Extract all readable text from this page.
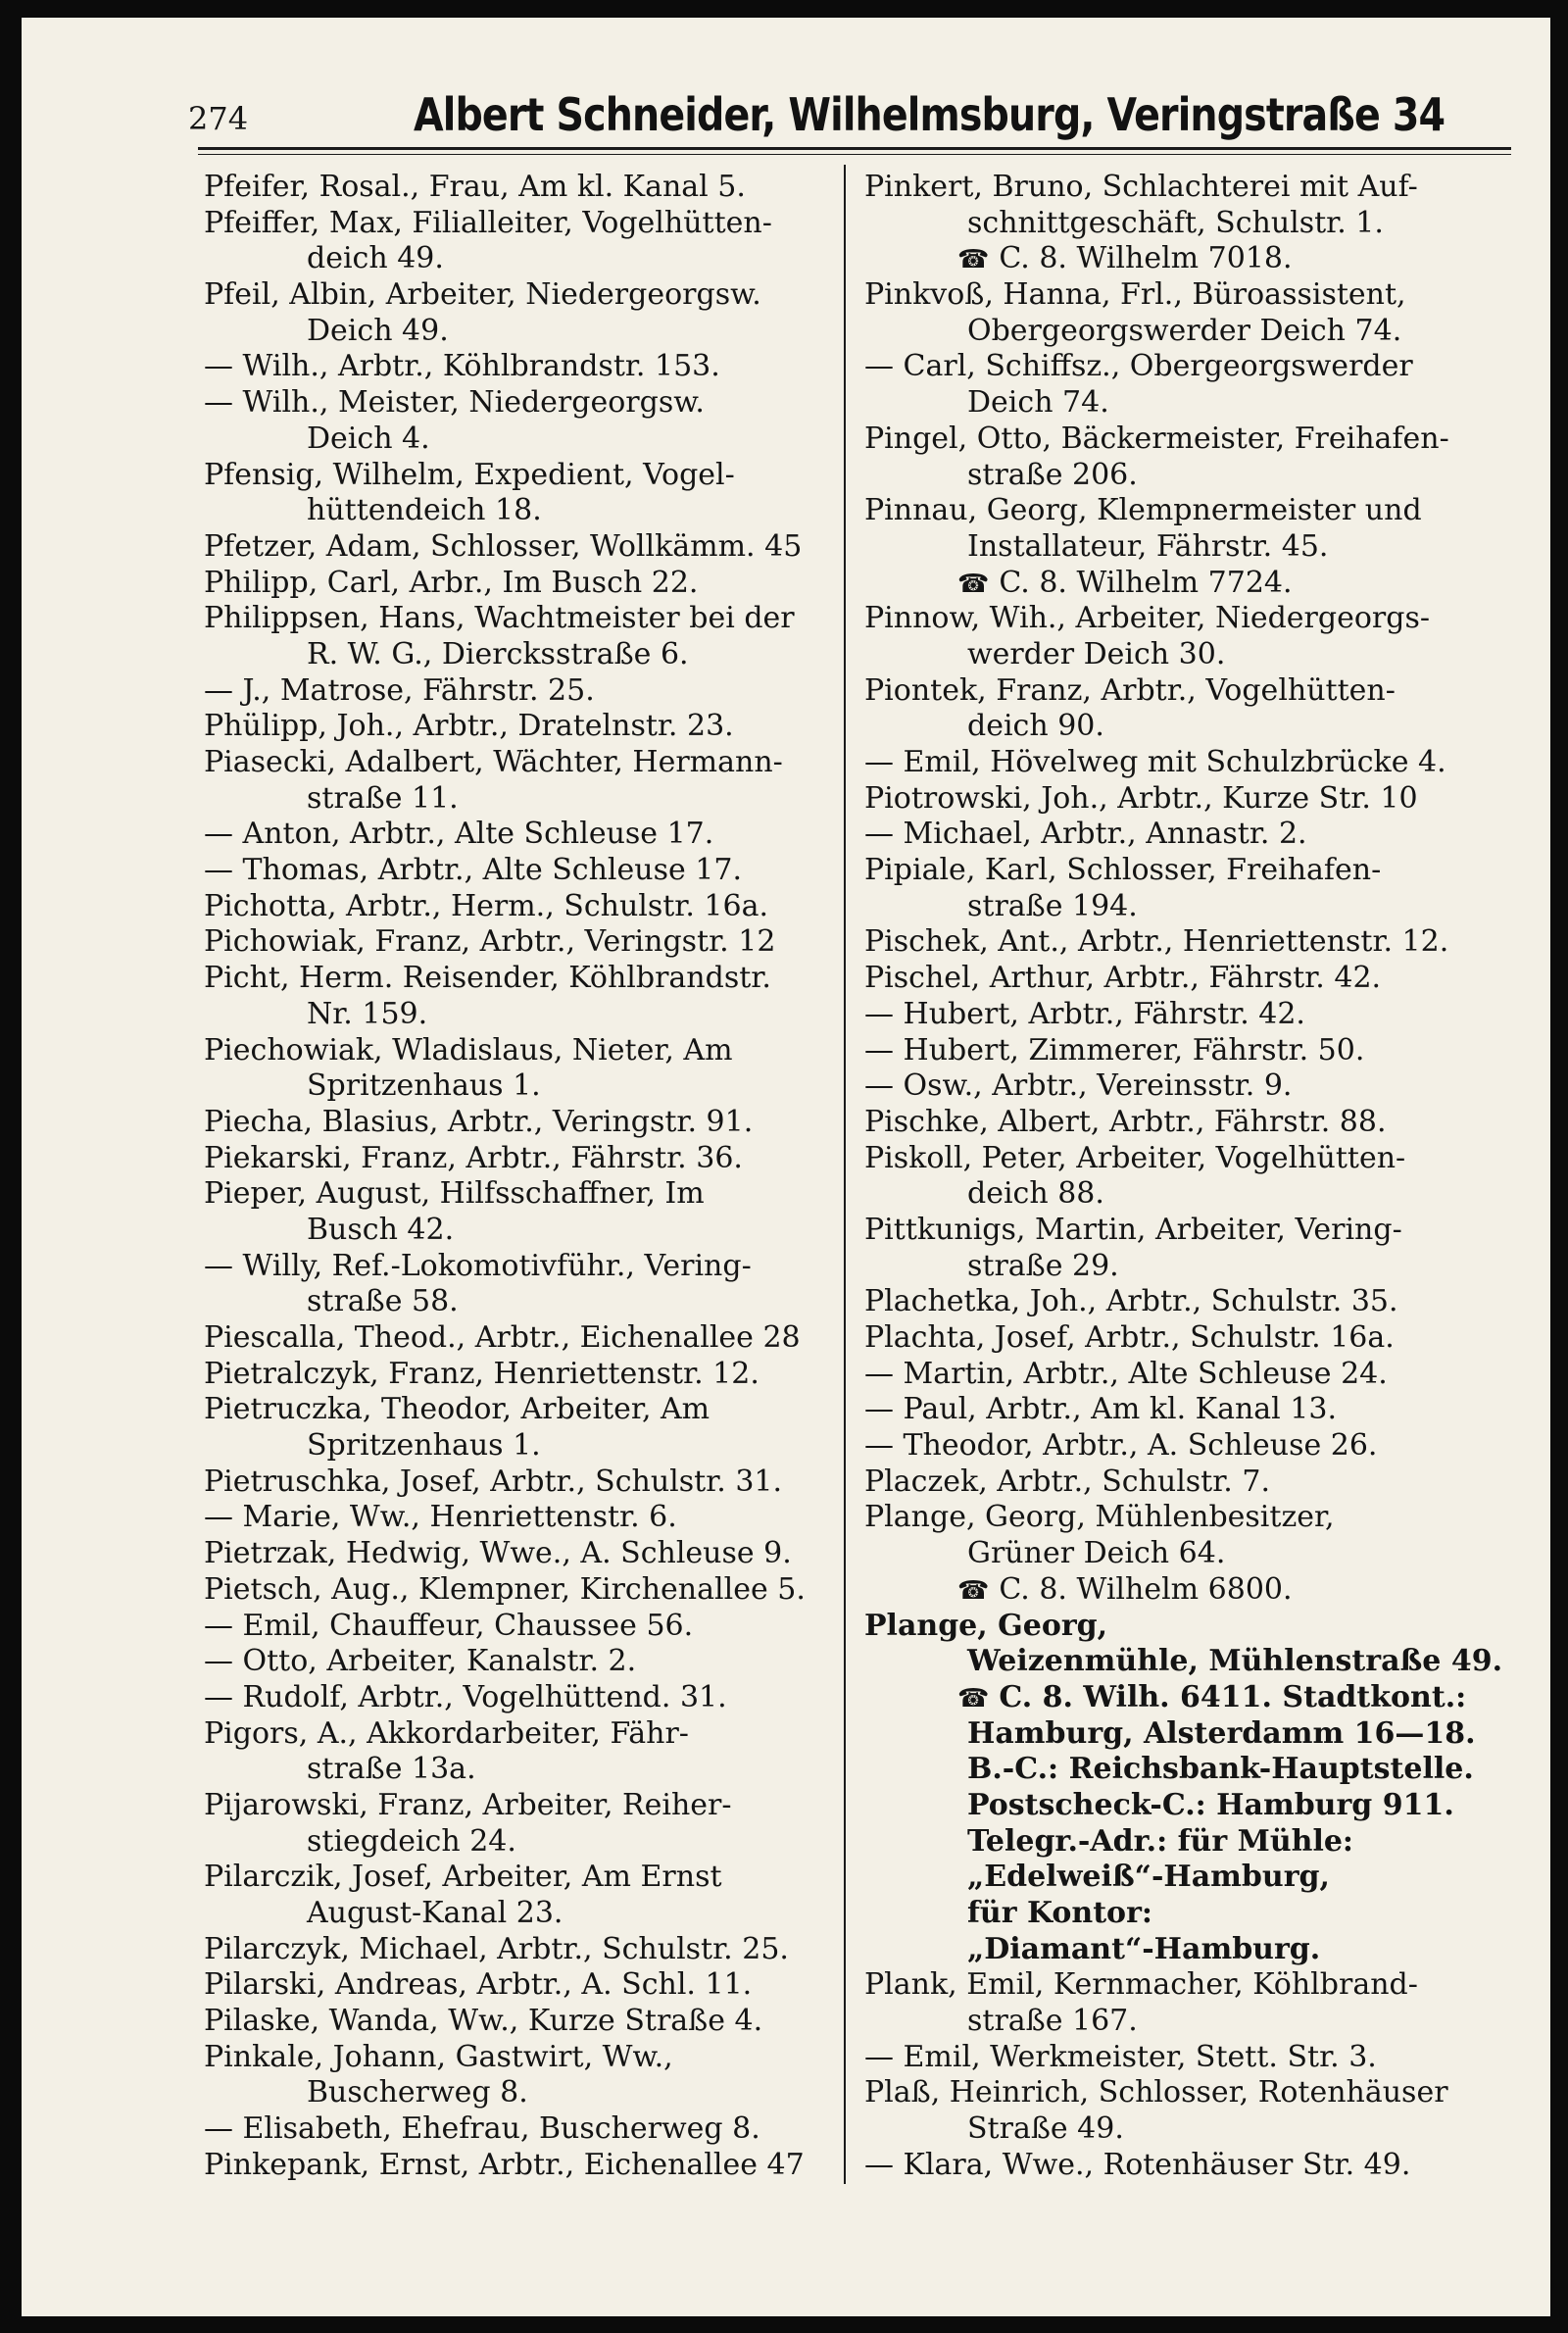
274	Albert Schneider, Wilhelmsburg, Veringstraße 34
Pfeifer, Rosal., Frau, Am kl. Kanal 5.
Pfeiffer, Max, Filialleiter, Vogelhütten-
deich 49.
Pfeil, Albin, Arbeiter, Niedergeorgsw.
Deich 49.
— Wilh., Arbtr., Köhlbrandstr. 153.
— Wilh., Meister, Niedergeorgsw.
Deich 4.
Pfensig, Wilhelm, Expedient, Vogel-
hüttendeich 18.
Pfetzer, Adam, Schlosser, Wollkämm. 45
Philipp, Carl, Arbr., Im Busch 22.
Philippsen, Hans, Wachtmeister bei der
R. W. G., Diercksstraße 6.
— J., Matrose, Fährstr. 25.
Phülipp, Joh., Arbtr., Dratelnstr. 23.
Piasecki, Adalbert, Wächter, Hermann-
straße 11.
— Anton, Arbtr., Alte Schleuse 17.
— Thomas, Arbtr., Alte Schleuse 17.
Pichotta, Arbtr., Herm., Schulstr. 16a.
Pichowiak, Franz, Arbtr., Veringstr. 12
Picht, Herm. Reisender, Köhlbrandstr.
Nr. 159.
Piechowiak, Wladislaus, Nieter, Am
Spritzenhaus 1.
Piecha, Blasius, Arbtr., Veringstr. 91.
Piekarski, Franz, Arbtr., Fährstr. 36.
Pieper, August, Hilfsschaffner, Im
Busch 42.
— Willy, Ref.-Lokomotivführ., Vering-
straße 58.
Piescalla, Theod., Arbtr., Eichenallee 28
Pietralczyk, Franz, Henriettenstr. 12.
Pietruczka, Theodor, Arbeiter, Am
Spritzenhaus 1.
Pietruschka, Josef, Arbtr., Schulstr. 31.
— Marie, Ww., Henriettenstr. 6.
Pietrzak, Hedwig, Wwe., A. Schleuse 9.
Pietsch, Aug., Klempner, Kirchenallee 5.
— Emil, Chauffeur, Chaussee 56.
— Otto, Arbeiter, Kanalstr. 2.
— Rudolf, Arbtr., Vogelhüttend. 31.
Pigors, A., Akkordarbeiter, Fähr-
straße 13a.
Pijarowski, Franz, Arbeiter, Reiher-
stiegdeich 24.
Pilarczik, Josef, Arbeiter, Am Ernst
August-Kanal 23.
Pilarczyk, Michael, Arbtr., Schulstr. 25.
Pilarski, Andreas, Arbtr., A. Schl. 11.
Pilaske, Wanda, Ww., Kurze Straße 4.
Pinkale, Johann, Gastwirt, Ww.,
Buscherweg 8.
— Elisabeth, Ehefrau, Buscherweg 8.
Pinkepank, Ernst, Arbtr., Eichenallee 47
Pinkert, Bruno, Schlachterei mit Auf-
schnittgeschäft, Schulstr. 1.
☎ C. 8. Wilhelm 7018.
Pinkvoß, Hanna, Frl., Büroassistent,
Obergeorgswerder Deich 74.
— Carl, Schiffsz., Obergeorgswerder
Deich 74.
Pingel, Otto, Bäckermeister, Freihafen-
straße 206.
Pinnau, Georg, Klempnermeister und
Installateur, Fährstr. 45.
☎ C. 8. Wilhelm 7724.
Pinnow, Wih., Arbeiter, Niedergeorgs-
werder Deich 30.
Piontek, Franz, Arbtr., Vogelhütten-
deich 90.
— Emil, Hövelweg mit Schulzbrücke 4.
Piotrowski, Joh., Arbtr., Kurze Str. 10
— Michael, Arbtr., Annastr. 2.
Pipiale, Karl, Schlosser, Freihafen-
straße 194.
Pischek, Ant., Arbtr., Henriettenstr. 12.
Pischel, Arthur, Arbtr., Fährstr. 42.
— Hubert, Arbtr., Fährstr. 42.
— Hubert, Zimmerer, Fährstr. 50.
— Osw., Arbtr., Vereinsstr. 9.
Pischke, Albert, Arbtr., Fährstr. 88.
Piskoll, Peter, Arbeiter, Vogelhütten-
deich 88.
Pittkunigs, Martin, Arbeiter, Vering-
straße 29.
Plachetka, Joh., Arbtr., Schulstr. 35.
Plachta, Josef, Arbtr., Schulstr. 16a.
— Martin, Arbtr., Alte Schleuse 24.
— Paul, Arbtr., Am kl. Kanal 13.
— Theodor, Arbtr., A. Schleuse 26.
Placzek, Arbtr., Schulstr. 7.
Plange, Georg, Mühlenbesitzer,
Grüner Deich 64.
☎ C. 8. Wilhelm 6800.
Plange, Georg,
Weizenmühle, Mühlenstraße 49.
☎ C. 8. Wilh. 6411. Stadtkont.:
Hamburg, Alsterdamm 16—18.
B.-C.: Reichsbank-Hauptstelle.
Postscheck-C.: Hamburg 911.
Telegr.-Adr.: für Mühle:
„Edelweiß“-Hamburg,
für Kontor:
„Diamant“-Hamburg.
Plank, Emil, Kernmacher, Köhlbrand-
straße 167.
— Emil, Werkmeister, Stett. Str. 3.
Plaß, Heinrich, Schlosser, Rotenhäuser
Straße 49.
— Klara, Wwe., Rotenhäuser Str. 49.
